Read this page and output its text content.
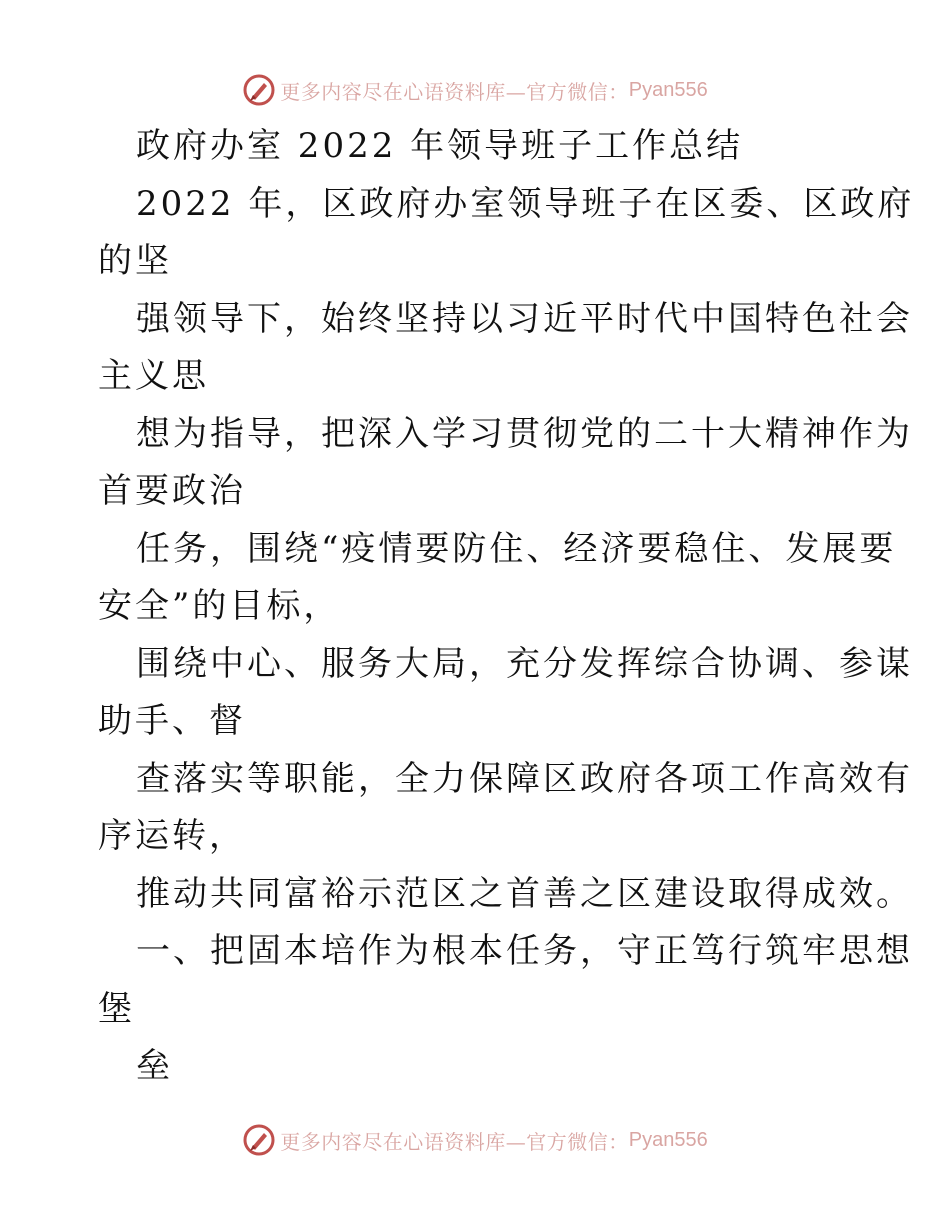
更多内容尽在心语资料库—官方微信： Pyan556
政府办室 2022 年领导班子工作总结
2022 年，区政府办室领导班子在区委、区政府
的坚
强领导下，始终坚持以习近平时代中国特色社会
主义思
想为指导，把深入学习贯彻党的二十大精神作为
首要政治
任务，围绕“疫情要防住、经济要稳住、发展要
安全”的目标，
围绕中心、服务大局，充分发挥综合协调、参谋
助手、督
查落实等职能，全力保障区政府各项工作高效有
序运转，
推动共同富裕示范区之首善之区建设取得成效。
一、把固本培作为根本任务，守正笃行筑牢思想
堡
垒
更多内容尽在心语资料库—官方微信： Pyan556
